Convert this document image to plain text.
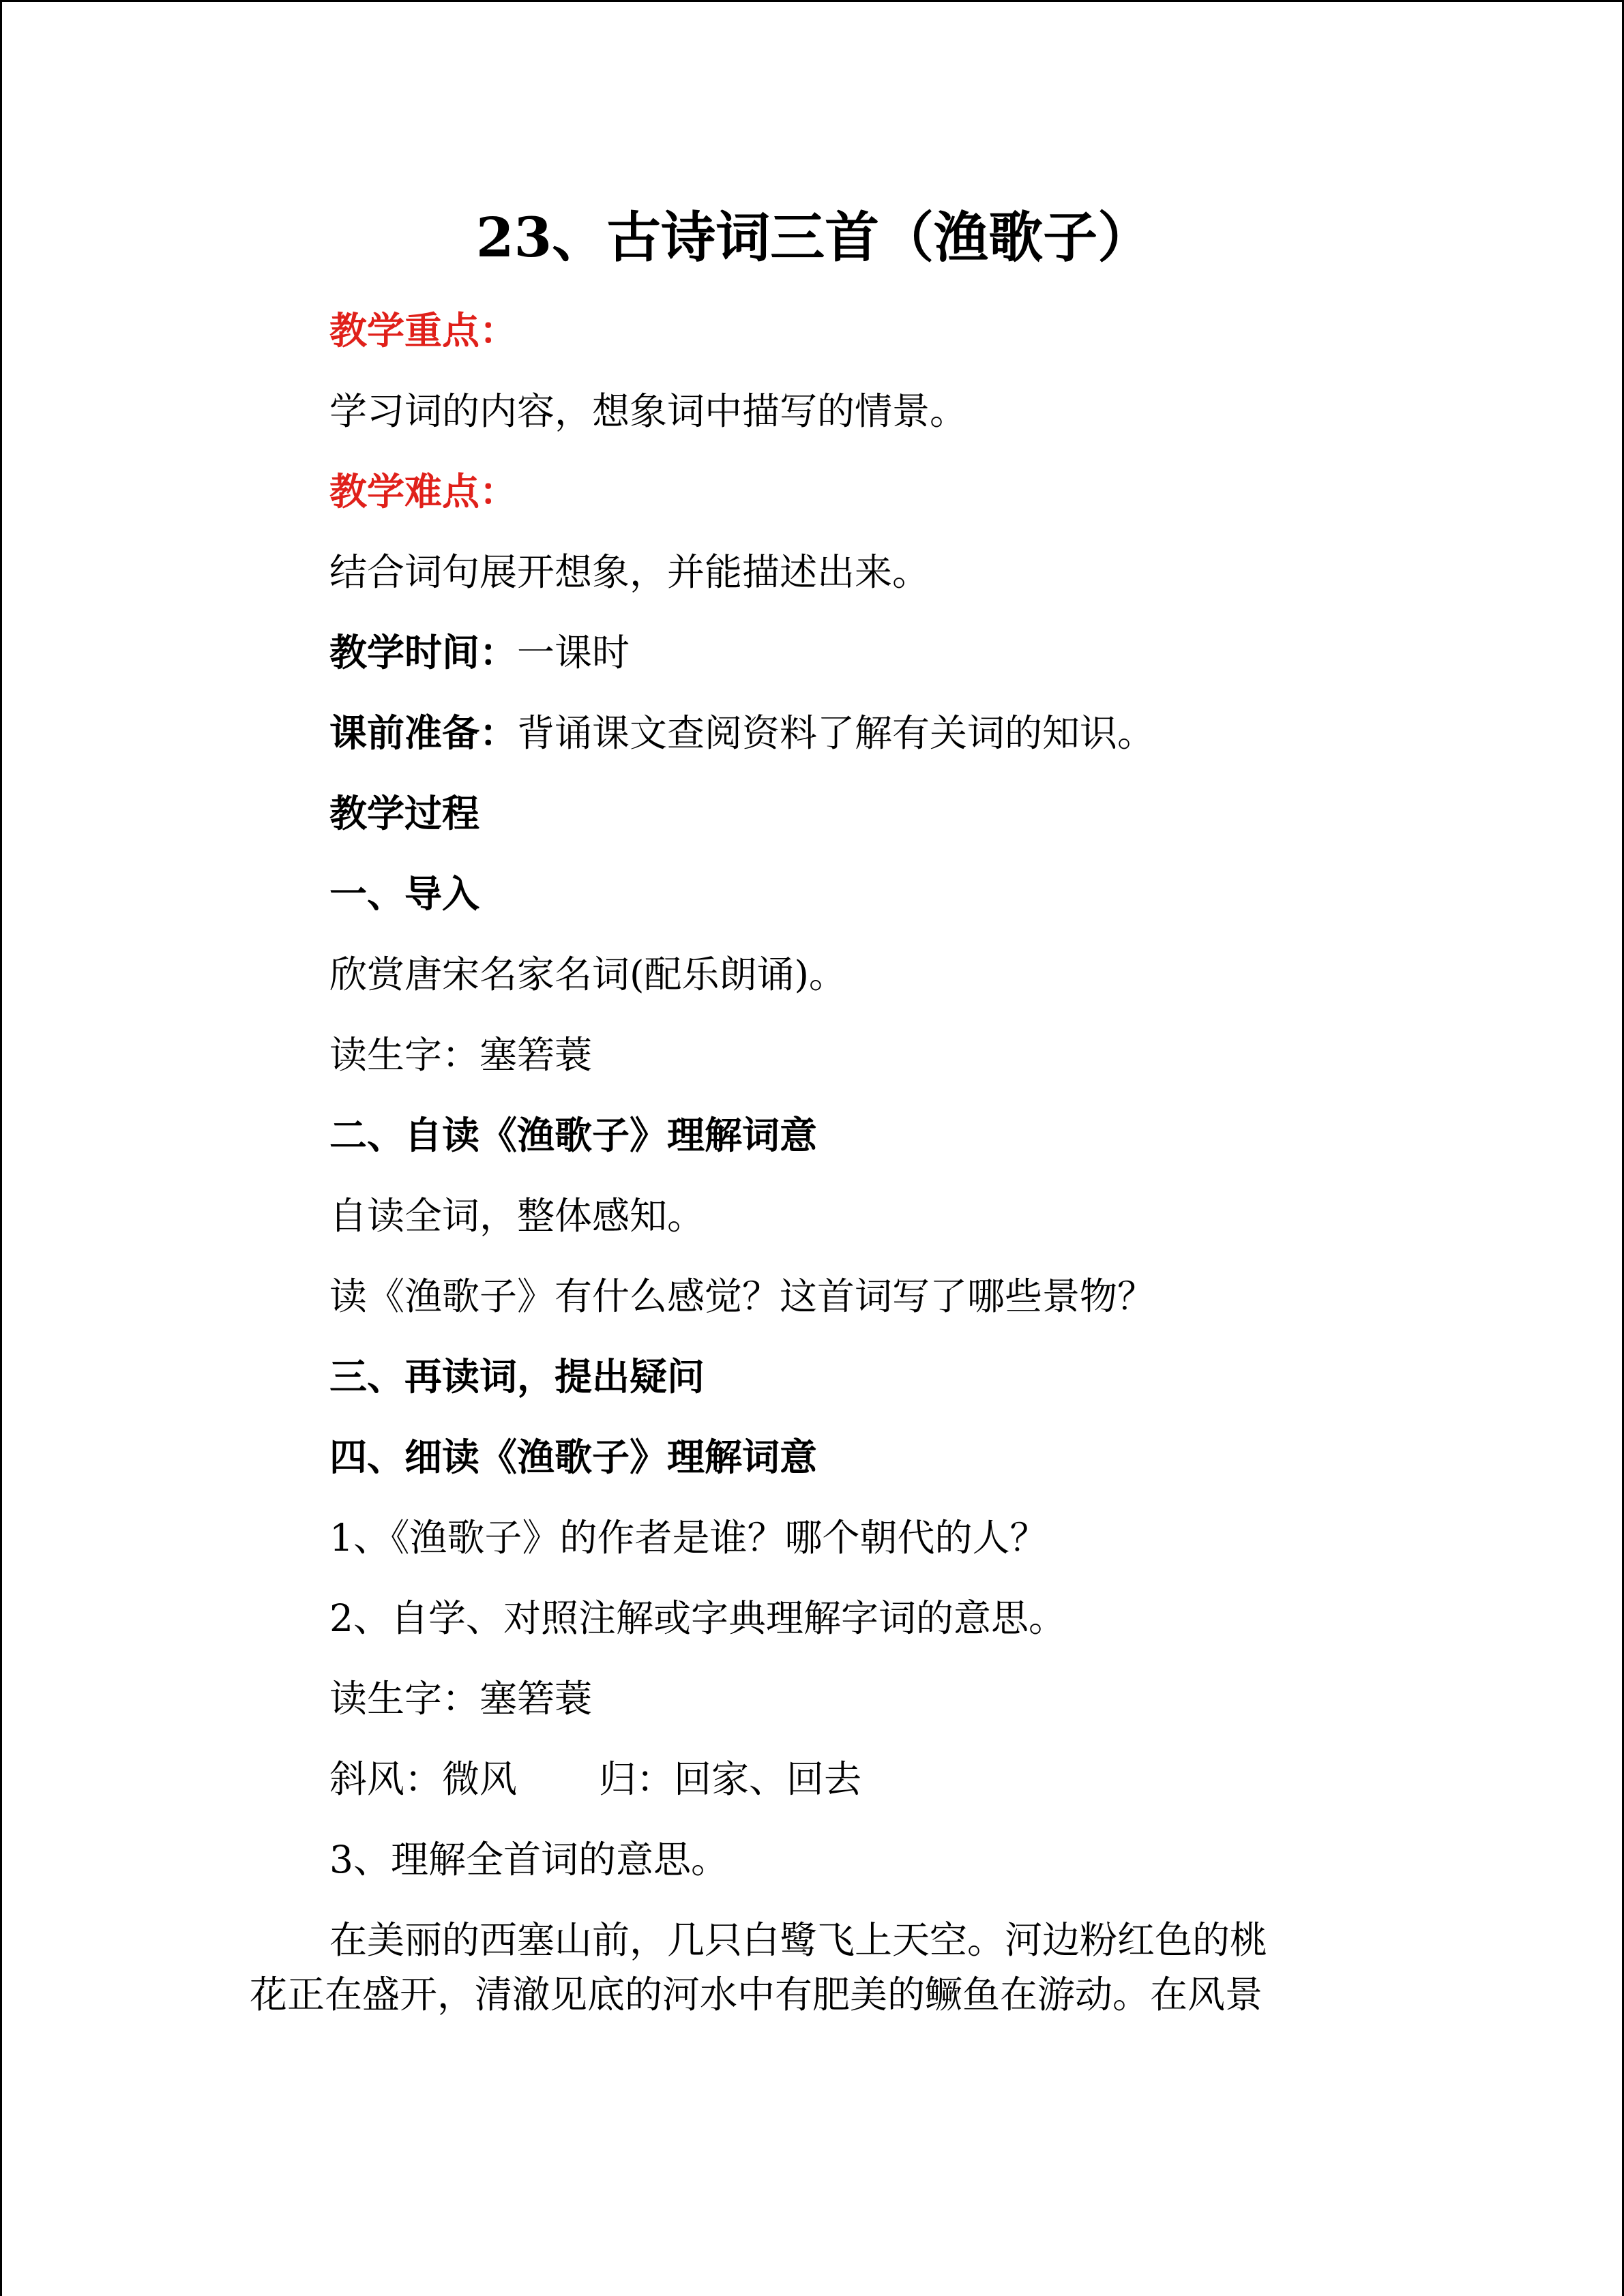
23、古诗词三首（渔歌子）
教学重点：
学习词的内容，想象词中描写的情景。
教学难点：
结合词句展开想象，并能描述出来。
教学时间：一课时
课前准备：背诵课文查阅资料了解有关词的知识。
教学过程
一、导入
欣赏唐宋名家名词(配乐朗诵)。
读生字：塞箬蓑
二、自读《渔歌子》理解词意
自读全词，整体感知。
读《渔歌子》有什么感觉？这首词写了哪些景物？
三、再读词，提出疑问
四、细读《渔歌子》理解词意
1、《渔歌子》的作者是谁？哪个朝代的人？
2、自学、对照注解或字典理解字词的意思。
读生字：塞箬蓑
斜风：微风 归：回家、回去
3、理解全首词的意思。
在美丽的西塞山前，几只白鹭飞上天空。河边粉红色的桃
花正在盛开，清澈见底的河水中有肥美的鳜鱼在游动。在风景
